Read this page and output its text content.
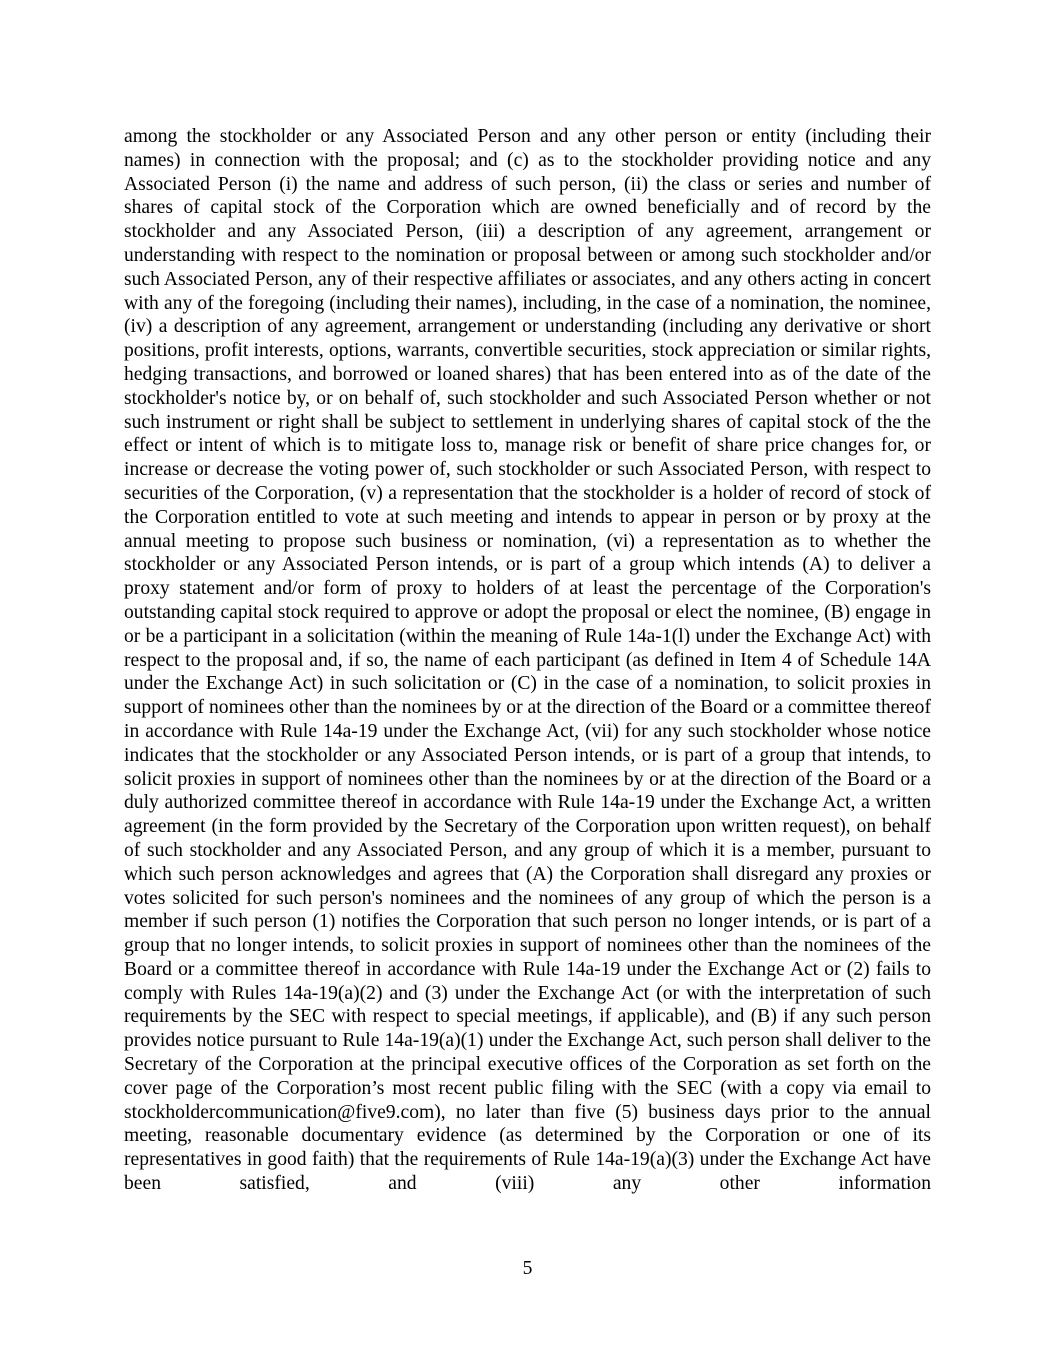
among the stockholder or any Associated Person and any other person or entity (including their names) in connection with the proposal; and (c) as to the stockholder providing notice and any Associated Person (i) the name and address of such person, (ii) the class or series and number of shares of capital stock of the Corporation which are owned beneficially and of record by the stockholder and any Associated Person, (iii) a description of any agreement, arrangement or understanding with respect to the nomination or proposal between or among such stockholder and/or such Associated Person, any of their respective affiliates or associates, and any others acting in concert with any of the foregoing (including their names), including, in the case of a nomination, the nominee, (iv) a description of any agreement, arrangement or understanding (including any derivative or short positions, profit interests, options, warrants, convertible securities, stock appreciation or similar rights, hedging transactions, and borrowed or loaned shares) that has been entered into as of the date of the stockholder's notice by, or on behalf of, such stockholder and such Associated Person whether or not such instrument or right shall be subject to settlement in underlying shares of capital stock of the the effect or intent of which is to mitigate loss to, manage risk or benefit of share price changes for, or increase or decrease the voting power of, such stockholder or such Associated Person, with respect to securities of the Corporation, (v) a representation that the stockholder is a holder of record of stock of the Corporation entitled to vote at such meeting and intends to appear in person or by proxy at the annual meeting to propose such business or nomination, (vi) a representation as to whether the stockholder or any Associated Person intends, or is part of a group which intends (A) to deliver a proxy statement and/or form of proxy to holders of at least the percentage of the Corporation's outstanding capital stock required to approve or adopt the proposal or elect the nominee, (B) engage in or be a participant in a solicitation (within the meaning of Rule 14a-1(l) under the Exchange Act) with respect to the proposal and, if so, the name of each participant (as defined in Item 4 of Schedule 14A under the Exchange Act) in such solicitation or (C) in the case of a nomination, to solicit proxies in support of nominees other than the nominees by or at the direction of the Board or a committee thereof in accordance with Rule 14a-19 under the Exchange Act, (vii) for any such stockholder whose notice indicates that the stockholder or any Associated Person intends, or is part of a group that intends, to solicit proxies in support of nominees other than the nominees by or at the direction of the Board or a duly authorized committee thereof in accordance with Rule 14a-19 under the Exchange Act, a written agreement (in the form provided by the Secretary of the Corporation upon written request), on behalf of such stockholder and any Associated Person, and any group of which it is a member, pursuant to which such person acknowledges and agrees that (A) the Corporation shall disregard any proxies or votes solicited for such person's nominees and the nominees of any group of which the person is a member if such person (1) notifies the Corporation that such person no longer intends, or is part of a group that no longer intends, to solicit proxies in support of nominees other than the nominees of the Board or a committee thereof in accordance with Rule 14a-19 under the Exchange Act or (2) fails to comply with Rules 14a-19(a)(2) and (3) under the Exchange Act (or with the interpretation of such requirements by the SEC with respect to special meetings, if applicable), and (B) if any such person provides notice pursuant to Rule 14a-19(a)(1) under the Exchange Act, such person shall deliver to the Secretary of the Corporation at the principal executive offices of the Corporation as set forth on the cover page of the Corporation’s most recent public filing with the SEC (with a copy via email to stockholdercommunication@five9.com), no later than five (5) business days prior to the annual meeting, reasonable documentary evidence (as determined by the Corporation or one of its representatives in good faith) that the requirements of Rule 14a-19(a)(3) under the Exchange Act have been satisfied, and (viii) any other information

5
